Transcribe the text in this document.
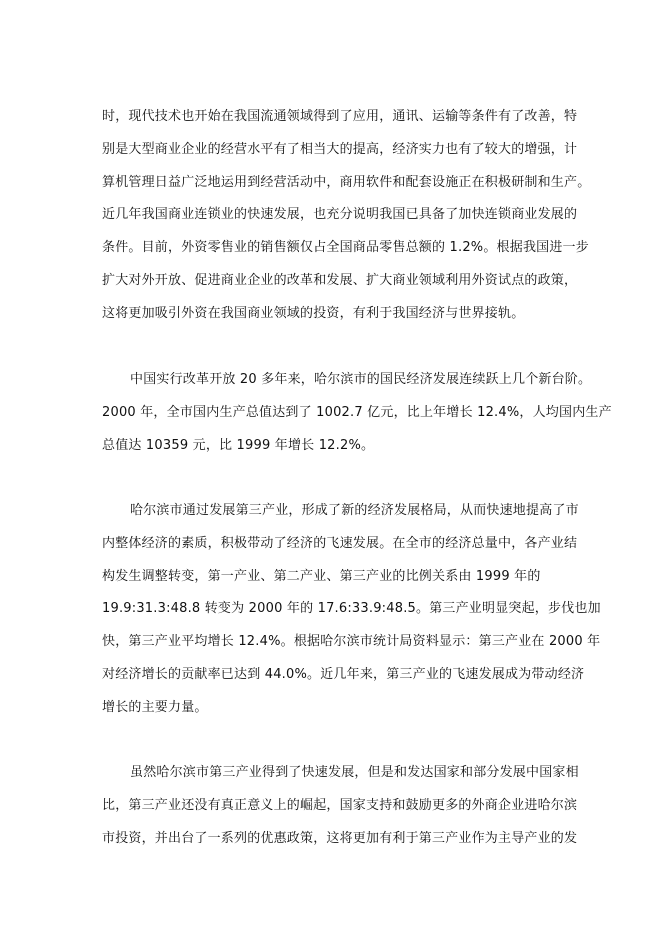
时，现代技术也开始在我国流通领域得到了应用，通讯、运输等条件有了改善，特
别是大型商业企业的经营水平有了相当大的提高，经济实力也有了较大的增强，计
算机管理日益广泛地运用到经营活动中，商用软件和配套设施正在积极研制和生产。
近几年我国商业连锁业的快速发展，也充分说明我国已具备了加快连锁商业发展的
条件。目前，外资零售业的销售额仅占全国商品零售总额的 1.2%。根据我国进一步
扩大对外开放、促进商业企业的改革和发展、扩大商业领域利用外资试点的政策，
这将更加吸引外资在我国商业领域的投资，有利于我国经济与世界接轨。
中国实行改革开放 20 多年来，哈尔滨市的国民经济发展连续跃上几个新台阶。
2000 年，全市国内生产总值达到了 1002.7 亿元，比上年增长 12.4%，人均国内生产
总值达 10359 元，比 1999 年增长 12.2%。
哈尔滨市通过发展第三产业，形成了新的经济发展格局，从而快速地提高了市
内整体经济的素质，积极带动了经济的飞速发展。在全市的经济总量中，各产业结
构发生调整转变，第一产业、第二产业、第三产业的比例关系由 1999 年的
19.9:31.3:48.8 转变为 2000 年的 17.6:33.9:48.5。第三产业明显突起，步伐也加
快，第三产业平均增长 12.4%。根据哈尔滨市统计局资料显示：第三产业在 2000 年
对经济增长的贡献率已达到 44.0%。近几年来，第三产业的飞速发展成为带动经济
增长的主要力量。
虽然哈尔滨市第三产业得到了快速发展，但是和发达国家和部分发展中国家相
比，第三产业还没有真正意义上的崛起，国家支持和鼓励更多的外商企业进哈尔滨
市投资，并出台了一系列的优惠政策，这将更加有利于第三产业作为主导产业的发
